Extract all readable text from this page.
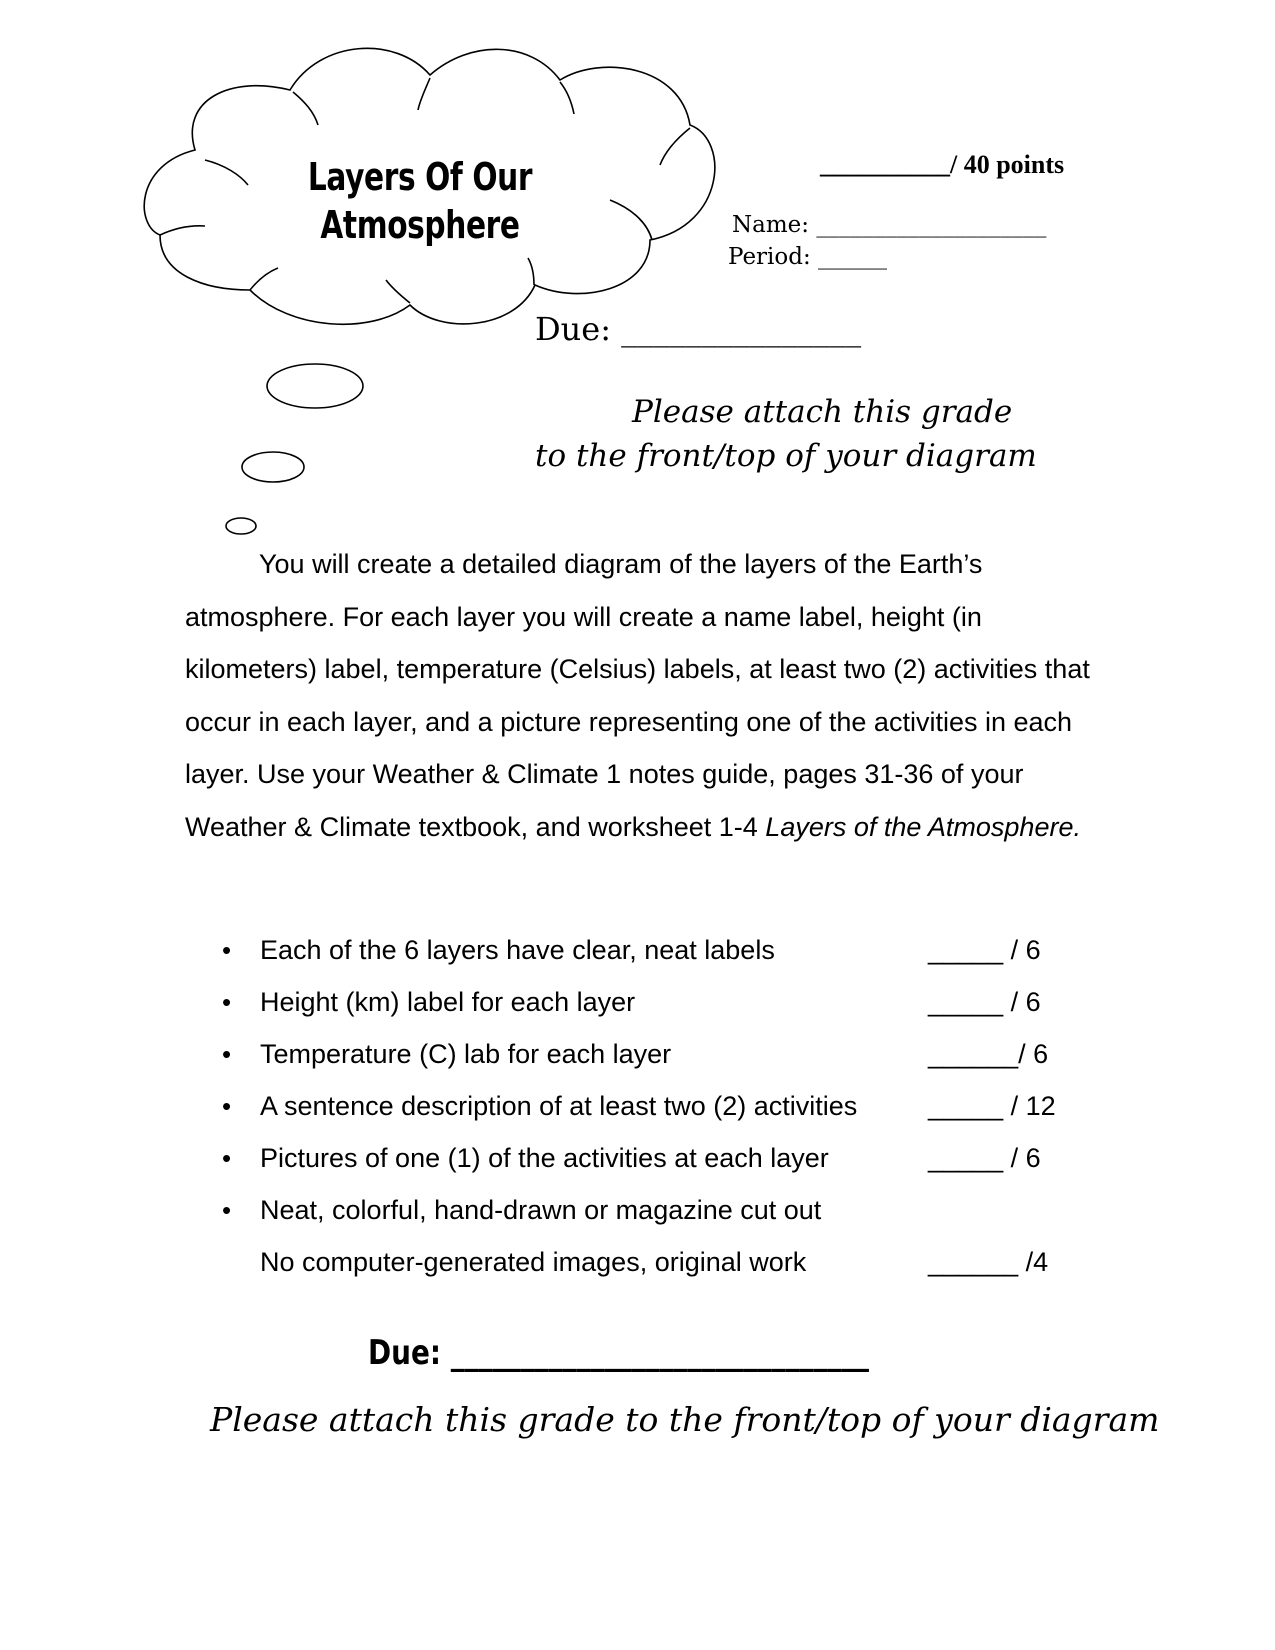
Layers Of Our
Atmosphere
__________/ 40 points
Name: ____________________
Period: ______
Due: _______________
Please attach this grade
to the front/top of your diagram

You will create a detailed diagram of the layers of the Earth’s atmosphere. For each layer you will create a name label, height (in kilometers) label, temperature (Celsius) labels, at least two (2) activities that occur in each layer, and a picture representing one of the activities in each layer. Use your Weather & Climate 1 notes guide, pages 31-36 of your Weather & Climate textbook, and worksheet 1-4 Layers of the Atmosphere.

• Each of the 6 layers have clear, neat labels	_____ / 6
• Height (km) label for each layer	_____ / 6
• Temperature (C) lab for each layer	______/ 6
• A sentence description of at least two (2) activities	_____ / 12
• Pictures of one (1) of the activities at each layer	_____ / 6
• Neat, colorful, hand-drawn or magazine cut out
No computer-generated images, original work	______ /4
Due: ______________________________
Please attach this grade to the front/top of your diagram
